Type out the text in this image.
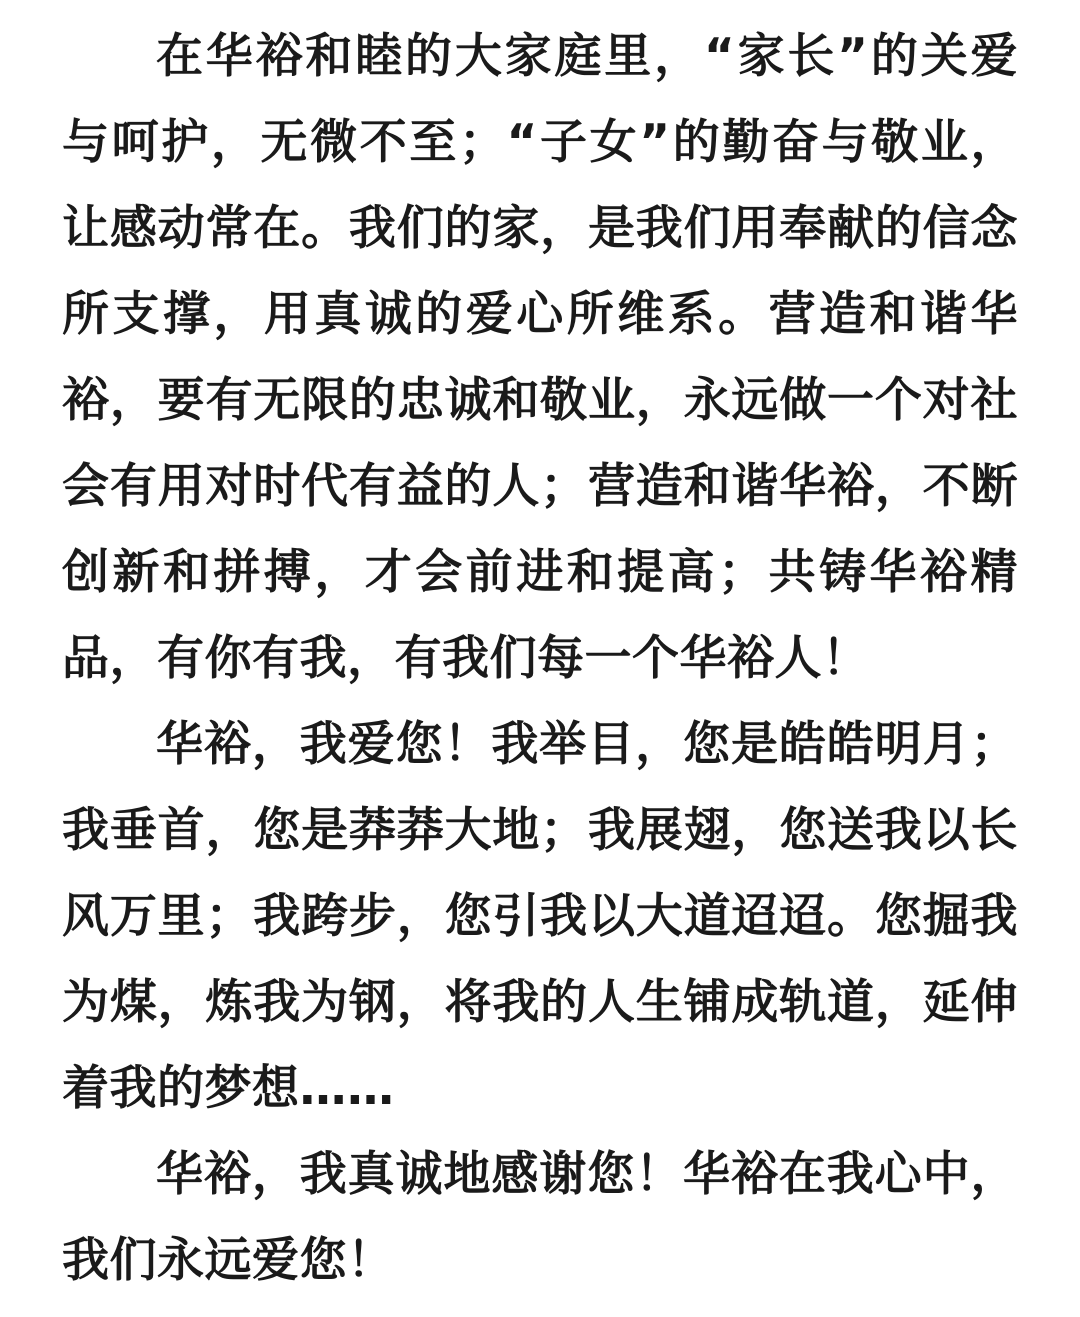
在华裕和睦的大家庭里，“家长”的关爱与呵护，无微不至；“子女”的勤奋与敬业，让感动常在。我们的家，是我们用奉献的信念所支撑，用真诚的爱心所维系。营造和谐华裕，要有无限的忠诚和敬业，永远做一个对社会有用对时代有益的人；营造和谐华裕，不断创新和拼搏，才会前进和提高；共铸华裕精品，有你有我，有我们每一个华裕人！

华裕，我爱您！我举目，您是皓皓明月；我垂首，您是莽莽大地；我展翅，您送我以长风万里；我跨步，您引我以大道迢迢。您掘我为煤，炼我为钢，将我的人生铺成轨道，延伸着我的梦想……

华裕，我真诚地感谢您！华裕在我心中，我们永远爱您！
